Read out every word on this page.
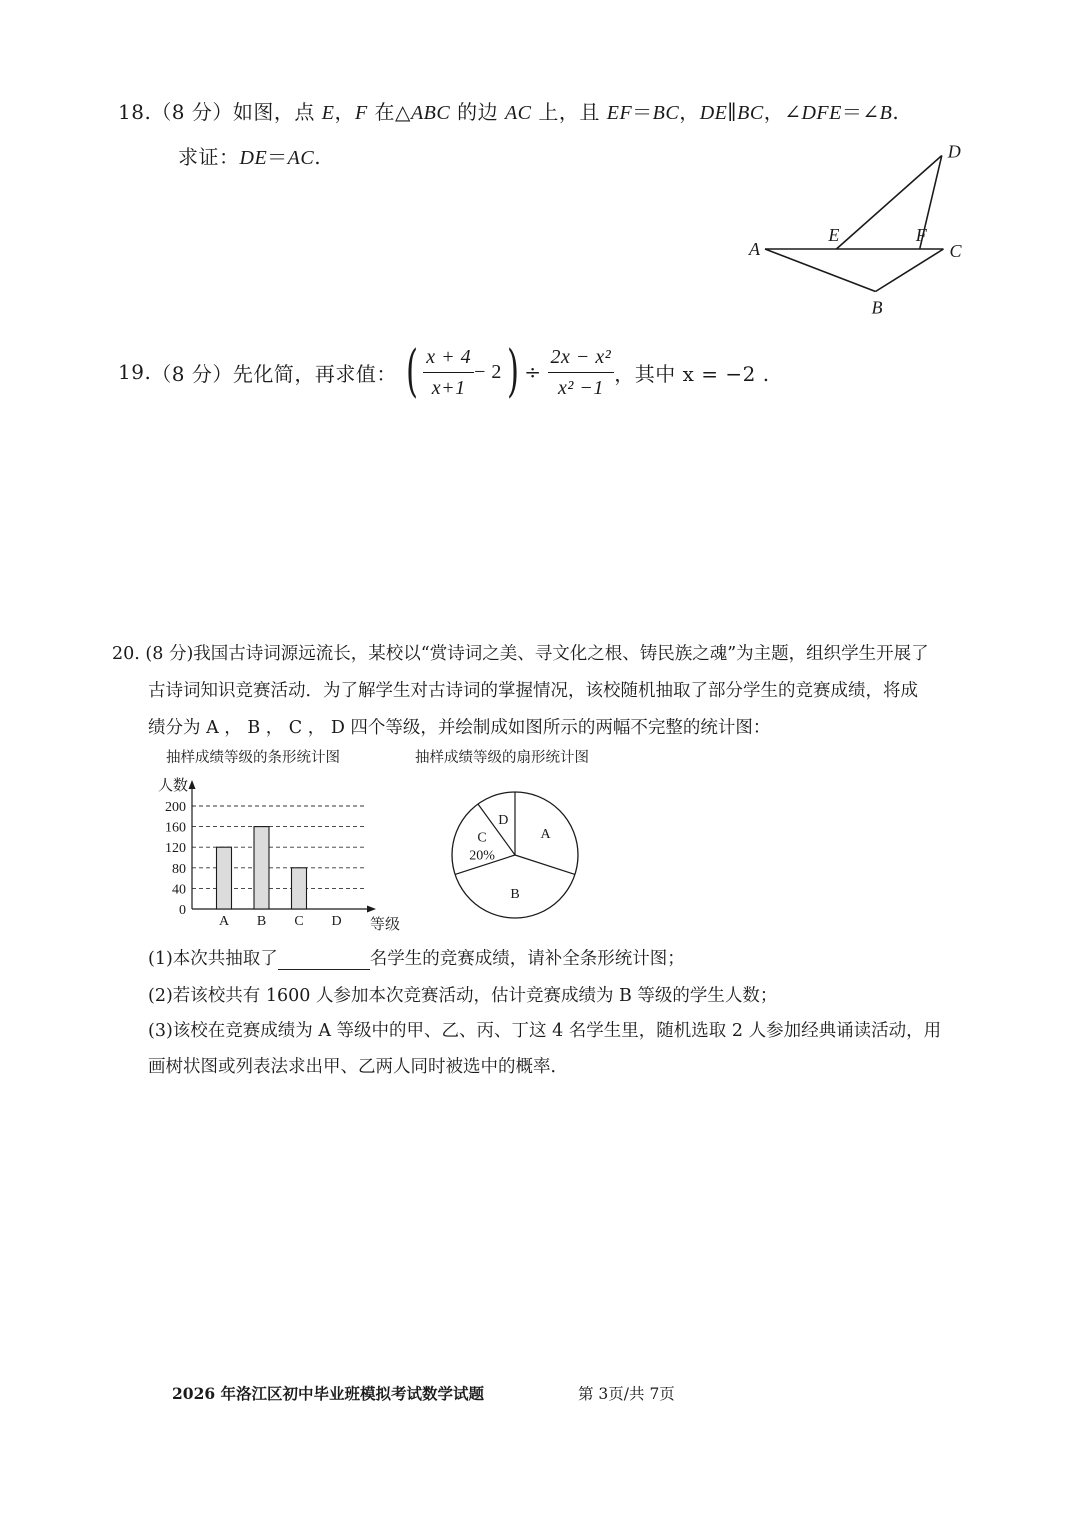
18.（8 分）如图，点 E，F 在△ABC 的边 AC 上，且 EF＝BC，DE∥BC，∠DFE＝∠B.
求证：DE＝AC.
A
E	F
C
B
D
19. （8 分） 先化简，再求值： ( $\frac{x + 4}{x+1} - 2$ ) ÷ $\frac{\text{2x − x²}}{\text{x² −1}}$ ，其中 x = −2 .
20. (8 分)我国古诗词源远流长，某校以“赏诗词之美、寻文化之根、铸民族之魂”为主题，组织学生开展了
古诗词知识竞赛活动．为了解学生对古诗词的掌握情况，该校随机抽取了部分学生的竞赛成绩，将成
绩分为 A ， B ， C ， D 四个等级，并绘制成如图所示的两幅不完整的统计图：
抽样成绩等级的条形统计图	抽样成绩等级的扇形统计图
0
40
80
120
160
200
人数
等级
A B C D
A
B
C
20%
D
(1)本次共抽取了	名学生的竞赛成绩，请补全条形统计图；
(2)若该校共有 1600 人参加本次竞赛活动，估计竞赛成绩为 B 等级的学生人数；
(3)该校在竞赛成绩为 A 等级中的甲、乙、丙、丁这 4 名学生里，随机选取 2 人参加经典诵读活动，用
画树状图或列表法求出甲、乙两人同时被选中的概率．
2026 年洛江区初中毕业班模拟考试数学试题	第 3页/共 7页
